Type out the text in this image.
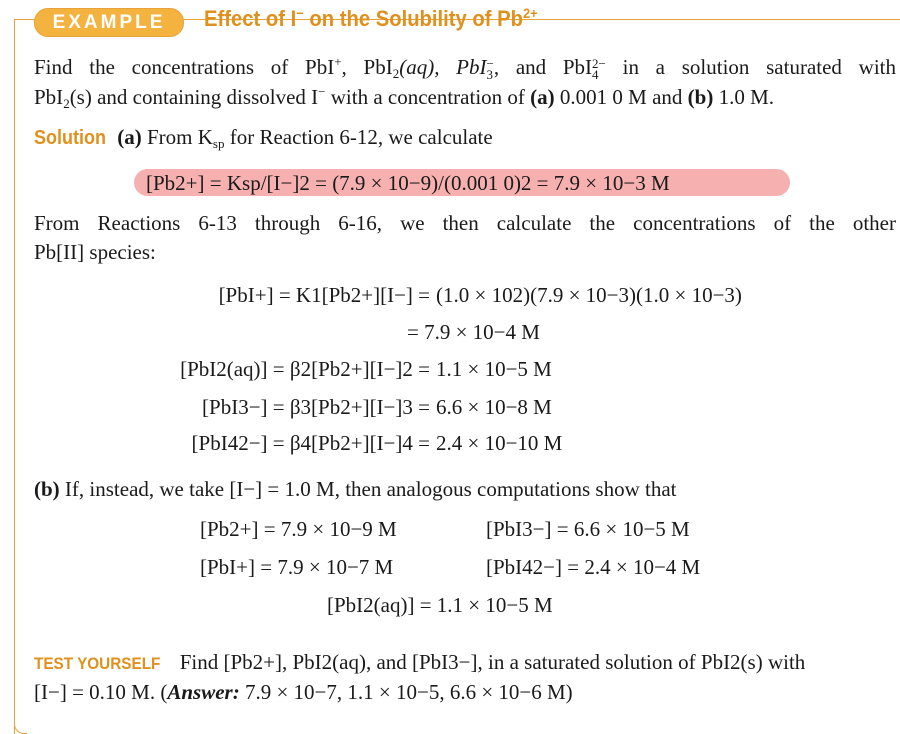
EXAMPLE	Effect of I− on the Solubility of $Pb^{2+}$
Find the concentrations of PbI+, PbI$_2$(aq), PbI −
3 , and PbI 2−
4 in a solution saturated with
PbI$_2$(s) and containing dissolved I− with a concentration of (a) 0.001 0 M and (b) 1.0 M.
Solution (a) From $K_{sp}$ for Reaction 6-12, we calculate
[Pb2+] = Ksp/[I−]2 = (7.9 × 10−9)/(0.001 0)2 = 7.9 × 10−3 M
From Reactions 6-13 through 6-16, we then calculate the concentrations of the other
Pb[II] species:
[PbI+] = K1[Pb2+][I−] = (1.0 × 102)(7.9 × 10−3)(1.0 × 10−3)
= 7.9 × 10−4 M
[PbI2(aq)] = β2[Pb2+][I−]2 = 1.1 × 10−5 M
[PbI3−] = β3[Pb2+][I−]3 = 6.6 × 10−8 M
[PbI42−] = β4[Pb2+][I−]4 = 2.4 × 10−10 M
(b) If, instead, we take [I−] = 1.0 M, then analogous computations show that
[Pb2+] = 7.9 × 10−9 M	[PbI3−] = 6.6 × 10−5 M
[PbI+] = 7.9 × 10−7 M	[PbI42−] = 2.4 × 10−4 M
[PbI2(aq)] = 1.1 × 10−5 M
TEST YOURSELF Find [Pb2+], PbI2(aq), and [PbI3−], in a saturated solution of PbI2(s) with
[I−] = 0.10 M. (Answer: 7.9 × 10−7, 1.1 × 10−5, 6.6 × 10−6 M)
